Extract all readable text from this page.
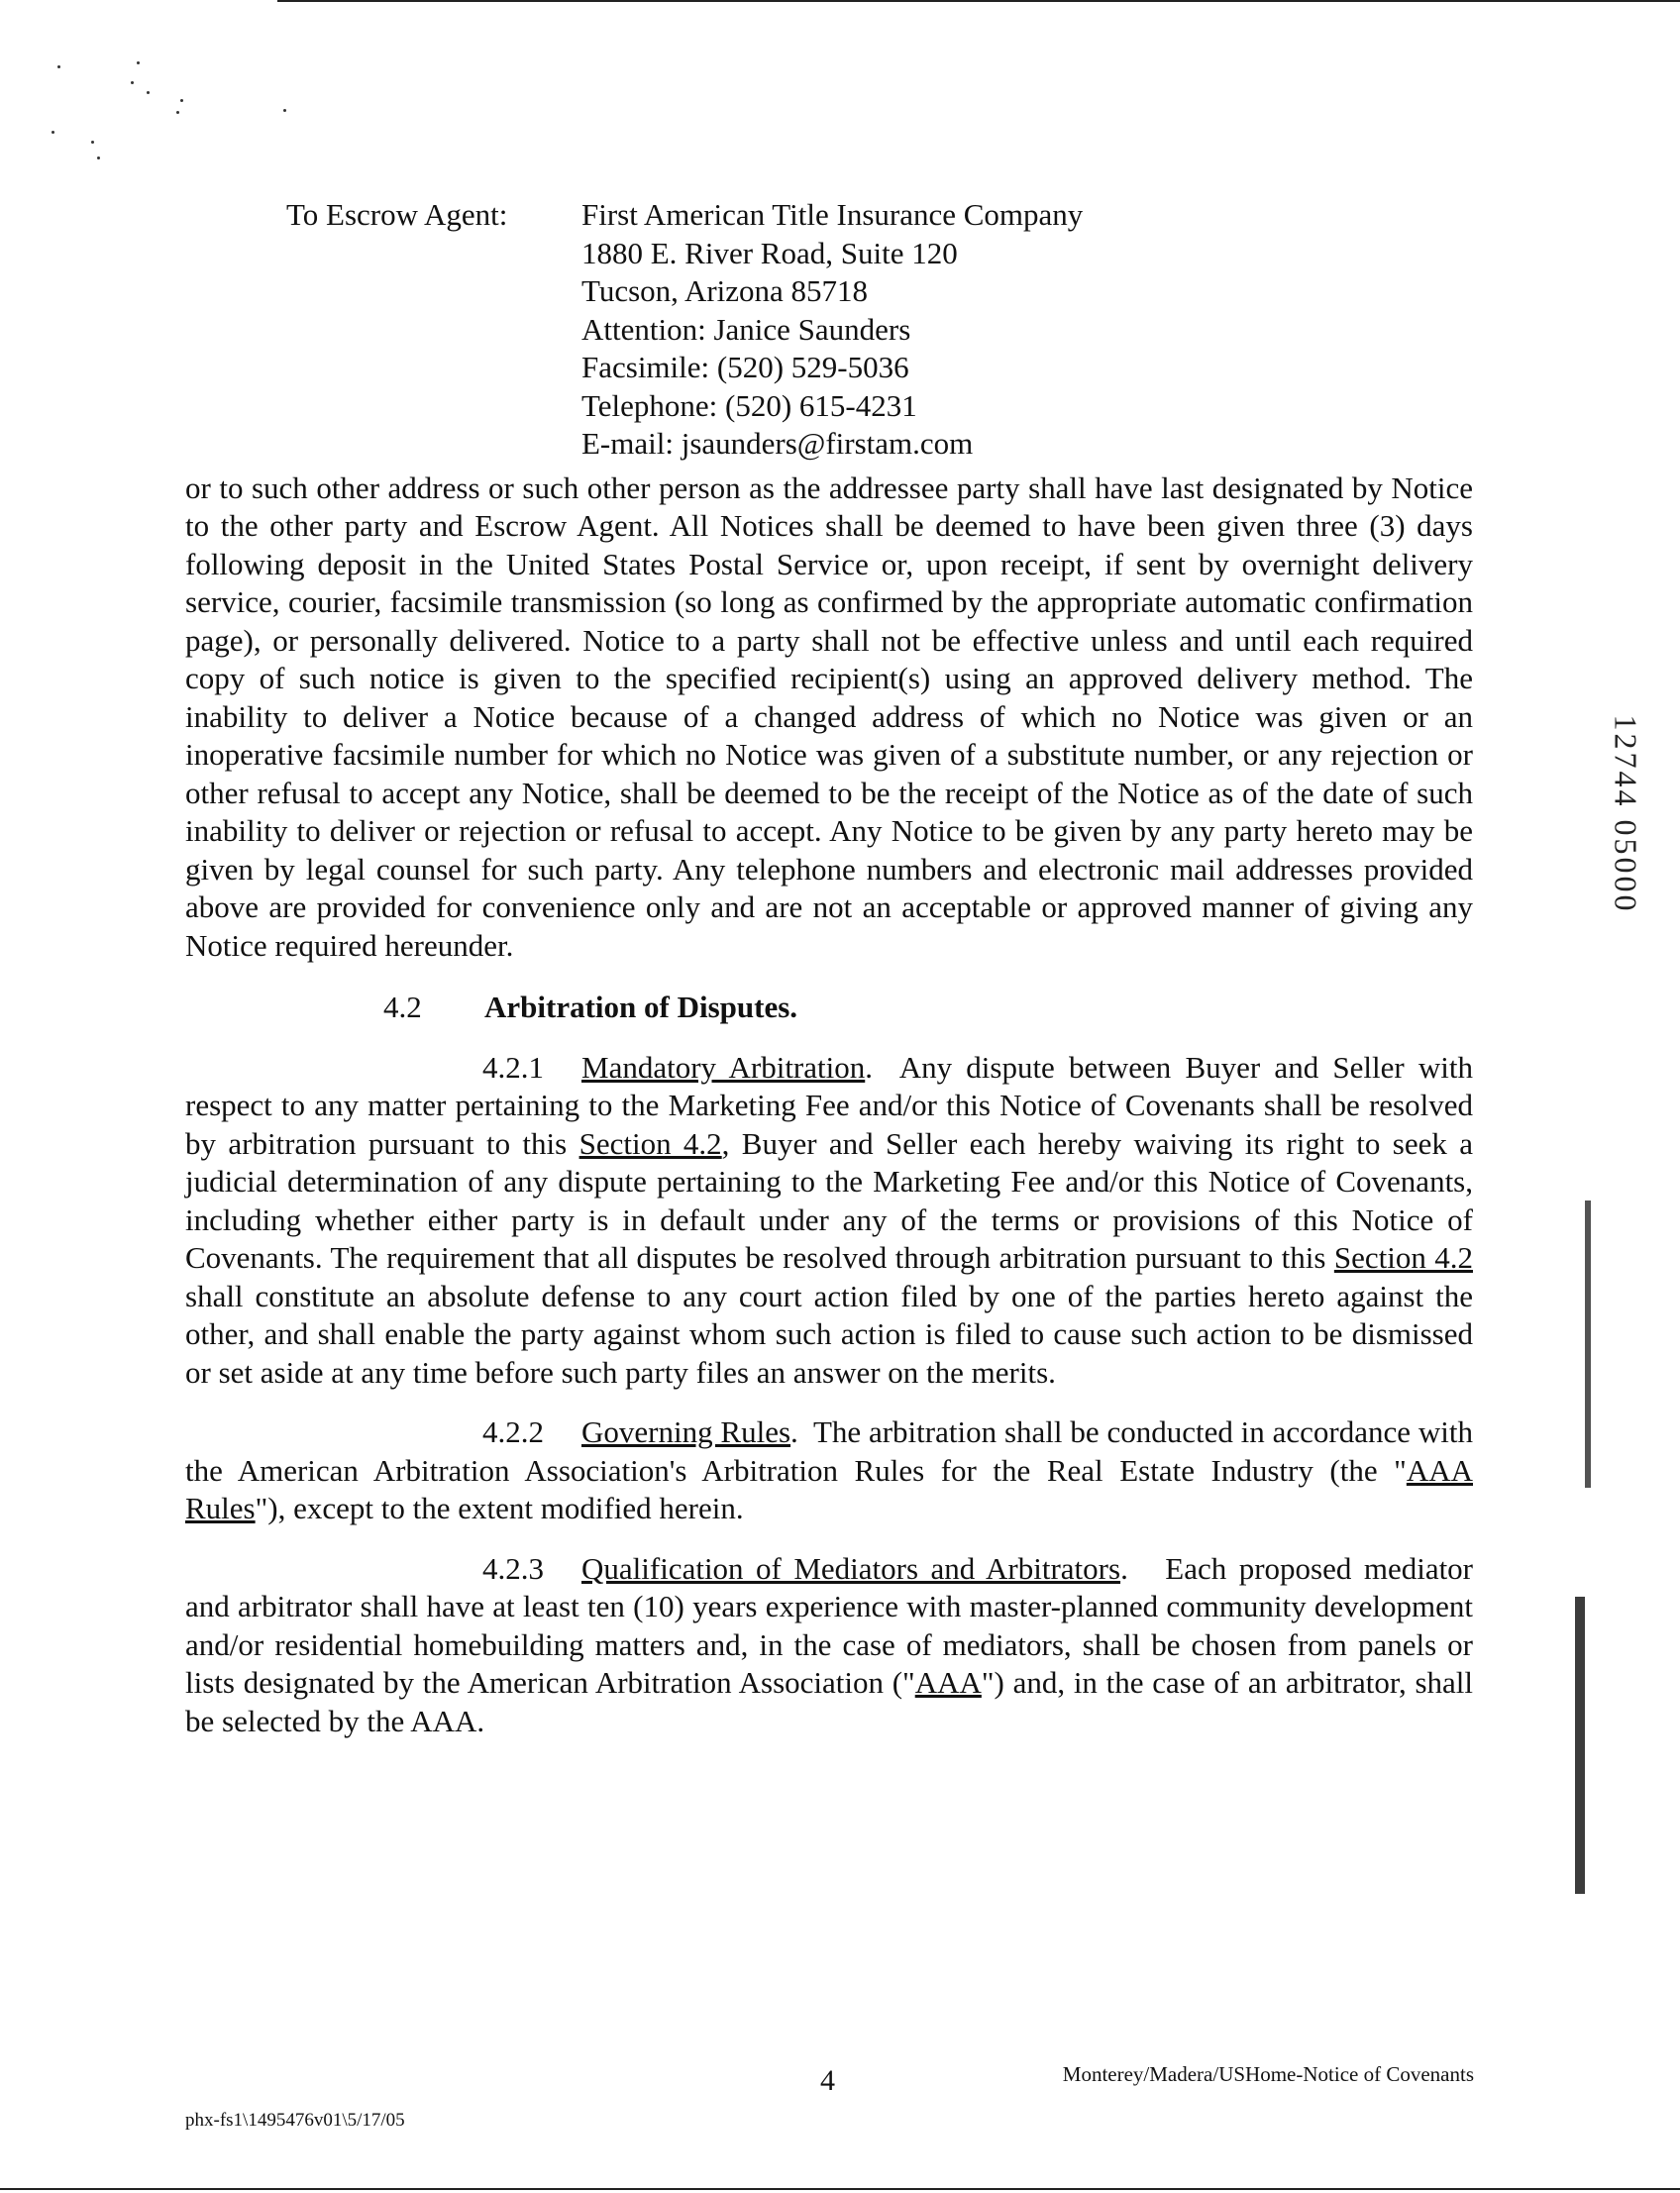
To Escrow Agent:	First American Title Insurance Company
1880 E. River Road, Suite 120
Tucson, Arizona 85718
Attention: Janice Saunders
Facsimile: (520) 529-5036
Telephone: (520) 615-4231
E-mail: jsaunders@firstam.com

or to such other address or such other person as the addressee party shall have last designated by Notice to the other party and Escrow Agent. All Notices shall be deemed to have been given three (3) days following deposit in the United States Postal Service or, upon receipt, if sent by overnight delivery service, courier, facsimile transmission (so long as confirmed by the appropriate automatic confirmation page), or personally delivered. Notice to a party shall not be effective unless and until each required copy of such notice is given to the specified recipient(s) using an approved delivery method. The inability to deliver a Notice because of a changed address of which no Notice was given or an inoperative facsimile number for which no Notice was given of a substitute number, or any rejection or other refusal to accept any Notice, shall be deemed to be the receipt of the Notice as of the date of such inability to deliver or rejection or refusal to accept. Any Notice to be given by any party hereto may be given by legal counsel for such party. Any telephone numbers and electronic mail addresses provided above are provided for convenience only and are not an acceptable or approved manner of giving any Notice required hereunder.

4.2 Arbitration of Disputes.

4.2.1 Mandatory Arbitration.  Any dispute between Buyer and Seller with respect to any matter pertaining to the Marketing Fee and/or this Notice of Covenants shall be resolved by arbitration pursuant to this Section 4.2, Buyer and Seller each hereby waiving its right to seek a judicial determination of any dispute pertaining to the Marketing Fee and/or this Notice of Covenants, including whether either party is in default under any of the terms or provisions of this Notice of Covenants. The requirement that all disputes be resolved through arbitration pursuant to this Section 4.2 shall constitute an absolute defense to any court action filed by one of the parties hereto against the other, and shall enable the party against whom such action is filed to cause such action to be dismissed or set aside at any time before such party files an answer on the merits.

4.2.2 Governing Rules.  The arbitration shall be conducted in accordance with the American Arbitration Association's Arbitration Rules for the Real Estate Industry (the "AAA Rules"), except to the extent modified herein.

4.2.3 Qualification of Mediators and Arbitrators.   Each proposed mediator and arbitrator shall have at least ten (10) years experience with master-planned community development and/or residential homebuilding matters and, in the case of mediators, shall be chosen from panels or lists designated by the American Arbitration Association ("AAA") and, in the case of an arbitrator, shall be selected by the AAA.

12744 05000
4	Monterey/Madera/USHome-Notice of Covenants
phx-fs1\1495476v01\5/17/05
